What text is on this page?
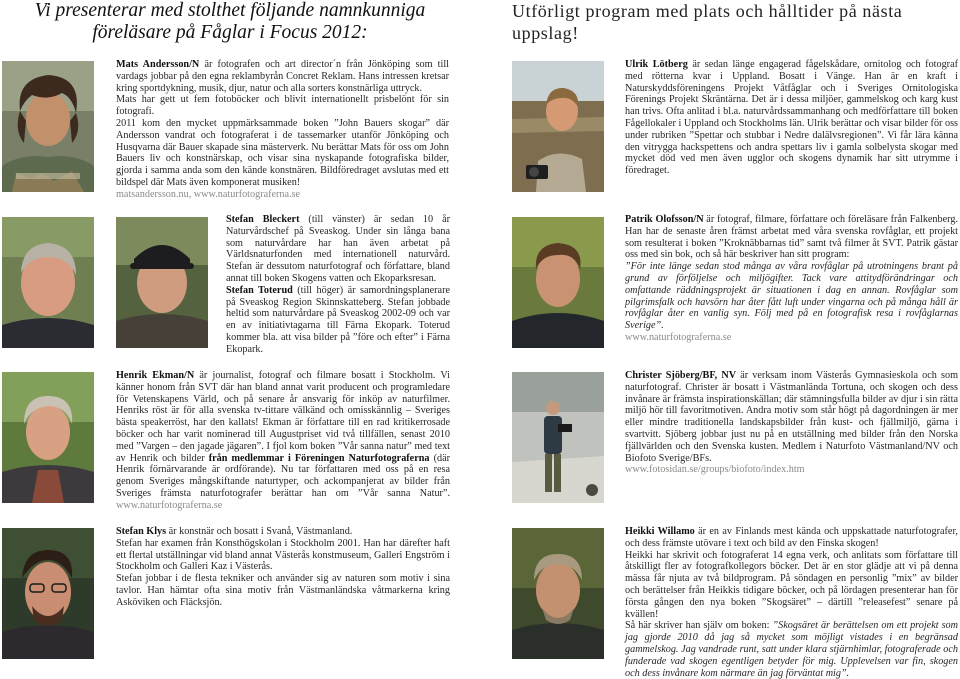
Vi presenterar med stolthet följande namnkunniga
föreläsare på Fåglar i Focus 2012:
Utförligt program med plats och hålltider på nästa uppslag!

Mats Andersson/N är fotografen och art director´n från Jönköping som till vardags jobbar på den egna reklambyrån Concret Reklam. Hans intressen kretsar kring sportdykning, musik, djur, natur och alla sorters konstnärliga uttryck.

Mats har gett ut fem fotoböcker och blivit internationellt prisbelönt för sin fotografi.

2011 kom den mycket uppmärksammade boken ”John Bauers skogar” där Andersson vandrat och fotograferat i de tassemarker utanför Jönköping och Husqvarna där Bauer skapade sina mästerverk. Nu berättar Mats för oss om John Bauers liv och konstnärskap, och visar sina nyskapande fotografiska bilder, gjorda i samma anda som den kände konstnären. Bildföredraget avslutas med ett bildspel där Mats även komponerat musiken!

matsandersson.nu, www.naturfotograferna.se

Ulrik Lötberg är sedan länge engagerad fågelskådare, ornitolog och fotograf med rötterna kvar i Uppland. Bosatt i Vänge. Han är en kraft i Naturskyddsföreningens Projekt Våtfåglar och i Sveriges Ornitologiska Förenings Projekt Skräntärna. Det är i dessa miljöer, gammelskog och karg kust han trivs. Ofta anlitad i bl.a. naturvårdssammanhang och medförfattare till boken Fågellokaler i Uppland och Stockholms län. Ulrik berättar och visar bilder för oss under rubriken ”Spettar och stubbar i Nedre dalälvsregionen”. Vi får lära känna den vitrygga hackspettens och andra spettars liv i gamla solbelysta skogar med mycket död ved men även ugglor och skogens dynamik har sitt utrymme i föredraget.

Stefan Bleckert (till vänster) är sedan 10 år Naturvårdschef på Sveaskog. Under sin långa bana som naturvårdare har han även arbetat på Världsnaturfonden med internationell naturvård. Stefan är dessutom naturfotograf och författare, bland annat till boken Skogens vatten och Ekoparksresan.

Stefan Toterud (till höger) är samordningsplanerare på Sveaskog Region Skinnskatteberg. Stefan jobbade heltid som naturvårdare på Sveaskog 2002-09 och var en av initiativtagarna till Färna Ekopark. Toterud kommer bla. att visa bilder på ”före och efter” i Färna Ekopark.

Patrik Olofsson/N är fotograf, filmare, författare och föreläsare från Falkenberg. Han har de senaste åren främst arbetat med våra svenska rovfåglar, ett projekt som resulterat i boken ”Kroknäbbarnas tid” samt två filmer åt SVT. Patrik gästar oss med sin bok, och så här beskriver han sitt program:

”För inte länge sedan stod många av våra rovfåglar på utrotningens brant på grund av förföljelse och miljögifter. Tack vare attitydförändringar och omfattande räddningsprojekt är situationen i dag en annan. Rovfåglar som pilgrimsfalk och havsörn har åter fått luft under vingarna och på många håll är rovfåglar åter en vanlig syn. Följ med på en fotografisk resa i rovfåglarnas Sverige”.

www.naturfotograferna.se

Henrik Ekman/N är journalist, fotograf och filmare bosatt i Stockholm. Vi känner honom från SVT där han bland annat varit producent och programledare för Vetenskapens Värld, och på senare år ansvarig för inköp av naturfilmer. Henriks röst är för alla svenska tv-tittare välkänd och omisskännlig – Sveriges bästa speakerröst, har den kallats! Ekman är författare till en rad kritikerrosade böcker och har varit nominerad till Augustpriset vid två tillfällen, senast 2010 med ”Vargen – den jagade jägaren”. I fjol kom boken ”Vår sanna natur” med text av Henrik och bilder från medlemmar i Föreningen Naturfotograferna (där Henrik förnärvarande är ordförande). Nu tar författaren med oss på en resa genom Sveriges mångskiftande naturtyper, och ackompanjerat av bilder från Sveriges främsta naturfotografer berättar han om ”Vår sanna Natur”. www.naturfotograferna.se

Christer Sjöberg/BF, NV är verksam inom Västerås Gymnasieskola och som naturfotograf. Christer är bosatt i Västmanlända Tortuna, och skogen och dess invånare är främsta inspirationskällan; där stämningsfulla bilder av djur i sin rätta miljö hör till favoritmotiven. Andra motiv som står högt på dagordningen är mer eller mindre traditionella landskapsbilder från kust- och fjällmiljö, gärna i svartvitt. Sjöberg jobbar just nu på en utställning med bilder från den Norska fjällvärlden och den Svenska kusten. Medlem i Naturfoto Västmanland/NV och Biofoto Sverige/BFs.

www.fotosidan.se/groups/biofoto/index.htm

Stefan Klys är konstnär och bosatt i Svanå, Västmanland.

Stefan har examen från Konsthögskolan i Stockholm 2001. Han har därefter haft ett flertal utställningar vid bland annat Västerås konstmuseum, Galleri Engström i Stockholm och Galleri Kaz i Västerås.

Stefan jobbar i de flesta tekniker och använder sig av naturen som motiv i sina tavlor. Han hämtar ofta sina motiv från Västmanländska våtmarkerna kring Asköviken och Fläcksjön.

Heikki Willamo är en av Finlands mest kända och uppskattade naturfotografer, och dess främste utövare i text och bild av den Finska skogen!

Heikki har skrivit och fotograferat 14 egna verk, och anlitats som författare till åtskilligt fler av fotografkollegors böcker. Det är en stor glädje att vi på denna mässa får njuta av två bildprogram. På söndagen en personlig ”mix” av bilder och berättelser från Heikkis tidigare böcker, och på lördagen presenterar han för första gången den nya boken ”Skogsäret” – därtill ”releasefest” senare på kvällen!

Så här skriver han själv om boken: ”Skogsäret är berättelsen om ett projekt som jag gjorde 2010 då jag så mycket som möjligt vistades i en begränsad gammelskog. Jag vandrade runt, satt under klara stjärnhimlar, fotograferade och funderade vad skogen egentligen betyder för mig. Upplevelsen var fin, skogen och dess invånare kom närmare än jag förväntat mig”.
